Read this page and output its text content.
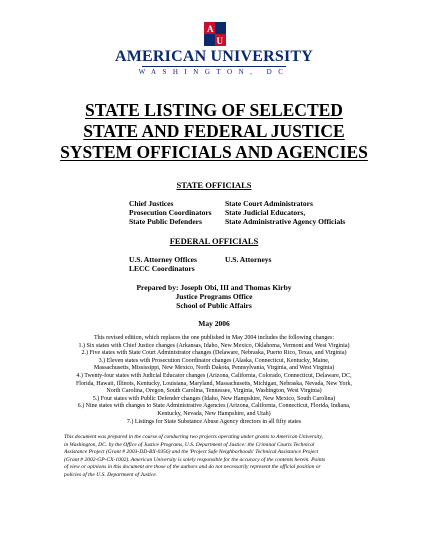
A
U
AMERICAN UNIVERSITY
WASHINGTON, DC
STATE LISTING OF SELECTED
STATE AND FEDERAL JUSTICE
SYSTEM OFFICIALS AND AGENCIES
STATE OFFICIALS
Chief Justices
Prosecution Coordinators
State Public Defenders
State Court Administrators
State Judicial Educators,
State Administrative Agency Officials
FEDERAL OFFICIALS
U.S. Attorney Offices
LECC Coordinators
U.S. Attorneys
Prepared by: Joseph Obi, III and Thomas Kirby
Justice Programs Office
School of Public Affairs
May 2006
This revised edition, which replaces the one published in May 2004 includes the following changes:
1.) Six states with Chief Justice changes (Arkansas, Idaho, New Mexico, Oklahoma, Vermont and West Virginia)
2.) Five states with State Court Administrator changes (Delaware, Nebraska, Puerto Rico, Texas, and Virginia)
3.) Eleven states with Prosecution Coordinator changes (Alaska, Connecticut, Kentucky, Maine,
Massachusetts, Mississippi, New Mexico, North Dakota, Pennsylvania, Virginia, and West Virginia)
4.) Twenty-four states with Judicial Educator changes (Arizona, California, Colorado, Connecticut, Delaware, DC,
Florida, Hawaii, Illinois, Kentucky, Louisiana, Maryland, Massachusetts, Michigan, Nebraska, Nevada, New York,
North Carolina, Oregon, South Carolina, Tennessee, Virginia, Washington, West Virginia)
5.) Four states with Public Defender changes (Idaho, New Hampshire, New Mexico, South Carolina)
6.) Nine states with changes to State Administrative Agencies (Arizona, California, Connecticut, Florida, Indiana,
Kentucky, Nevada, New Hampshire, and Utah)
7.) Listings for State Substance Abuse Agency directors in all fifty states
This document was prepared in the course of conducting two projects operating under grants to American University,
in Washington, DC. by the Office of Justice Programs, U.S. Department of Justice: the Criminal Courts Technical
Assistance Project (Grant # 2003-DD-BX-0356) and the 'Project Safe Neighborhoods' Technical Assistance Project
(Grant # 2002-GP-CX-1002). American University is solely responsible for the accuracy of the contents herein. Points
of view or opinions in this document are those of the authors and do not necessarily represent the official position or
policies of the U.S. Department of Justice.
